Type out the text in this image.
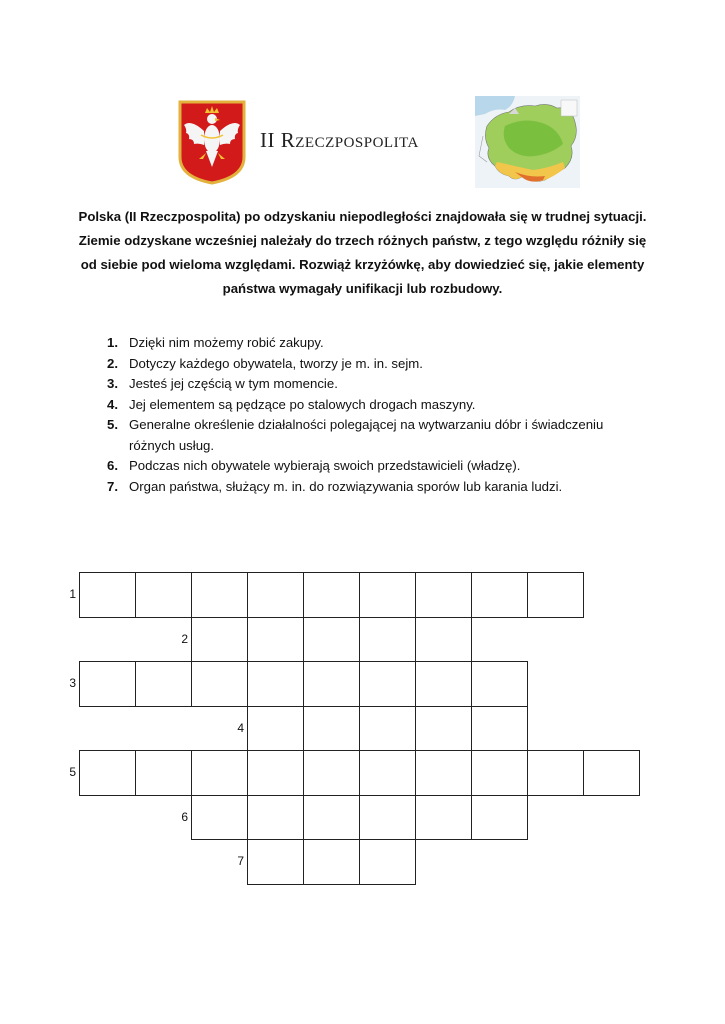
II Rzeczpospolita

Polska (II Rzeczpospolita) po odzyskaniu niepodległości znajdowała się w trudnej sytuacji. Ziemie odzyskane wcześniej należały do trzech różnych państw, z tego względu różniły się od siebie pod wieloma względami. Rozwiąż krzyżówkę, aby dowiedzieć się, jakie elementy państwa wymagały unifikacji lub rozbudowy.

1. Dzięki nim możemy robić zakupy.
2. Dotyczy każdego obywatela, tworzy je m. in. sejm.
3. Jesteś jej częścią w tym momencie.
4. Jej elementem są pędzące po stalowych drogach maszyny.
5. Generalne określenie działalności polegającej na wytwarzaniu dóbr i świadczeniu różnych usług.
6. Podczas nich obywatele wybierają swoich przedstawicieli (władzę).
7. Organ państwa, służący m. in. do rozwiązywania sporów lub karania ludzi.
1
2
3
4
5
6
7
